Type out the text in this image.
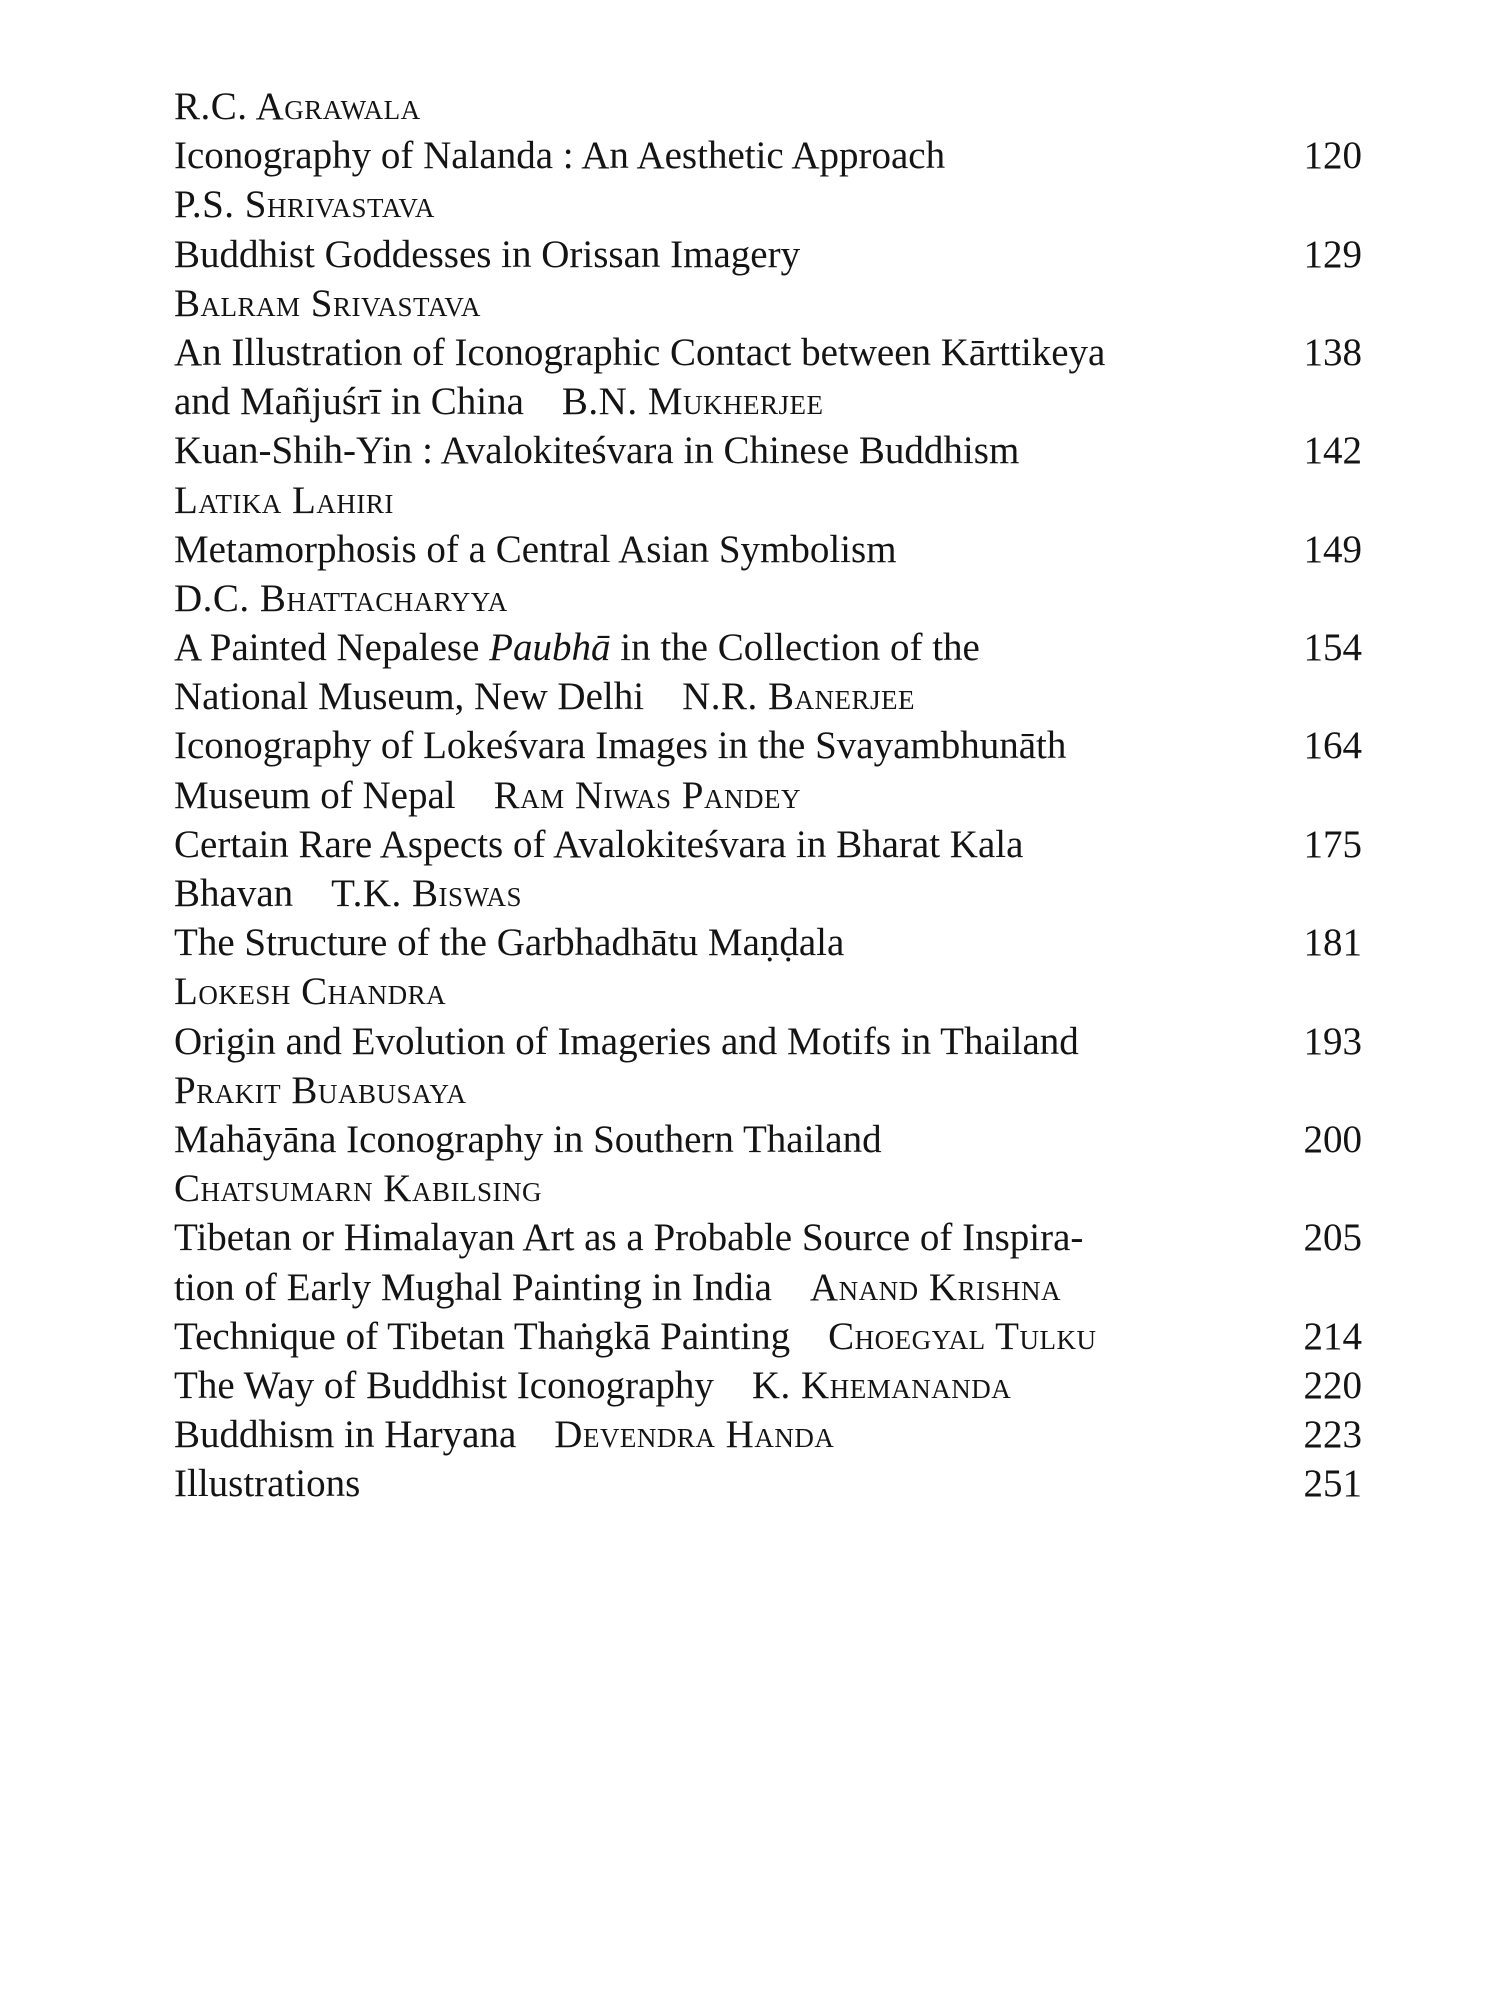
R.C. Agrawala
Iconography of Nalanda : An Aesthetic Approach	120
P.S. Shrivastava
Buddhist Goddesses in Orissan Imagery	129
Balram Srivastava
An Illustration of Iconographic Contact between Kārttikeya	138
and Mañjuśrī in China B.N. Mukherjee
Kuan-Shih-Yin : Avalokiteśvara in Chinese Buddhism	142
Latika Lahiri
Metamorphosis of a Central Asian Symbolism	149
D.C. Bhattacharyya
A Painted Nepalese Paubhā in the Collection of the	154
National Museum, New Delhi N.R. Banerjee
Iconography of Lokeśvara Images in the Svayambhunāth	164
Museum of Nepal Ram Niwas Pandey
Certain Rare Aspects of Avalokiteśvara in Bharat Kala	175
Bhavan T.K. Biswas
The Structure of the Garbhadhātu Maṇḍala	181
Lokesh Chandra
Origin and Evolution of Imageries and Motifs in Thailand	193
Prakit Buabusaya
Mahāyāna Iconography in Southern Thailand	200
Chatsumarn Kabilsing
Tibetan or Himalayan Art as a Probable Source of Inspira-	205
tion of Early Mughal Painting in India Anand Krishna
Technique of Tibetan Thaṅgkā Painting Choegyal Tulku	214
The Way of Buddhist Iconography K. Khemananda	220
Buddhism in Haryana Devendra Handa	223
Illustrations	251
